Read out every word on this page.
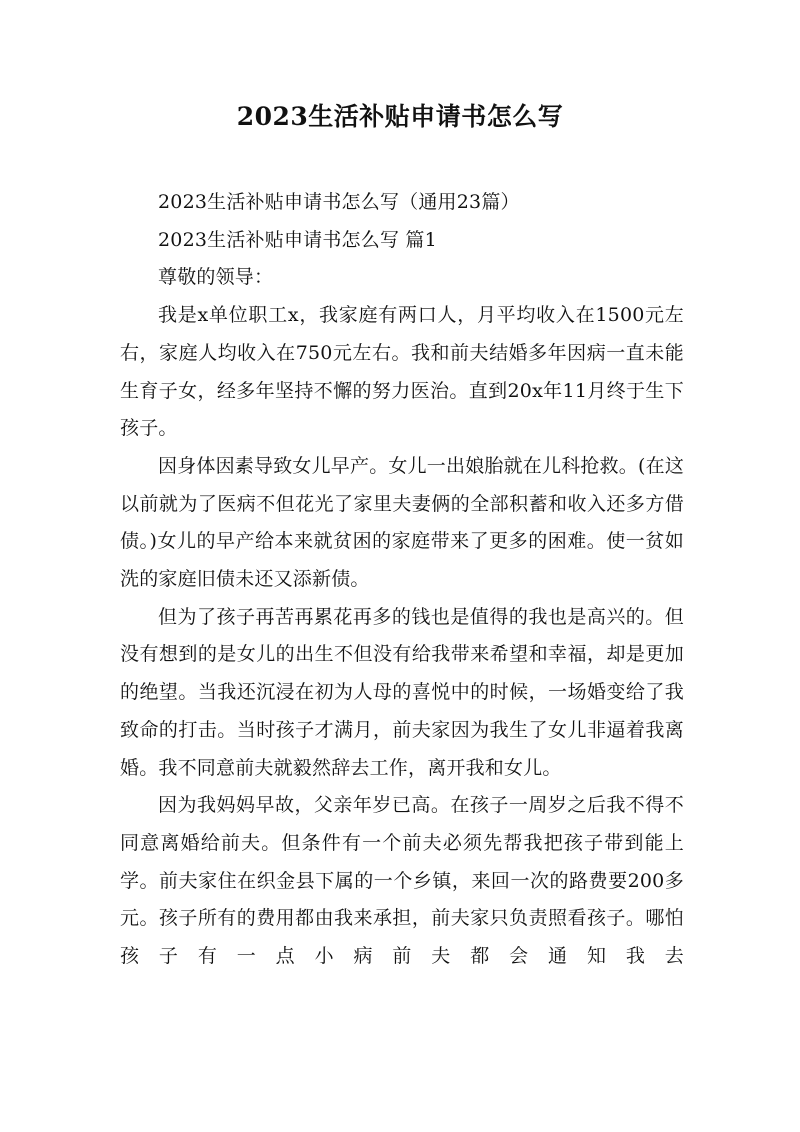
2023生活补贴申请书怎么写

2023生活补贴申请书怎么写（通用23篇）

2023生活补贴申请书怎么写 篇1

尊敬的领导：

我是x单位职工x，我家庭有两口人，月平均收入在1500元左右，家庭人均收入在750元左右。我和前夫结婚多年因病一直未能生育子女，经多年坚持不懈的努力医治。直到20x年11月终于生下孩子。

因身体因素导致女儿早产。女儿一出娘胎就在儿科抢救。(在这以前就为了医病不但花光了家里夫妻俩的全部积蓄和收入还多方借债。)女儿的早产给本来就贫困的家庭带来了更多的困难。使一贫如洗的家庭旧债未还又添新债。

但为了孩子再苦再累花再多的钱也是值得的我也是高兴的。但没有想到的是女儿的出生不但没有给我带来希望和幸福，却是更加的绝望。当我还沉浸在初为人母的喜悦中的时候，一场婚变给了我致命的打击。当时孩子才满月，前夫家因为我生了女儿非逼着我离婚。我不同意前夫就毅然辞去工作，离开我和女儿。

因为我妈妈早故，父亲年岁已高。在孩子一周岁之后我不得不同意离婚给前夫。但条件有一个前夫必须先帮我把孩子带到能上学。前夫家住在织金县下属的一个乡镇，来回一次的路费要200多元。孩子所有的费用都由我来承担，前夫家只负责照看孩子。哪怕孩子有一点小病前夫都会通知我去
